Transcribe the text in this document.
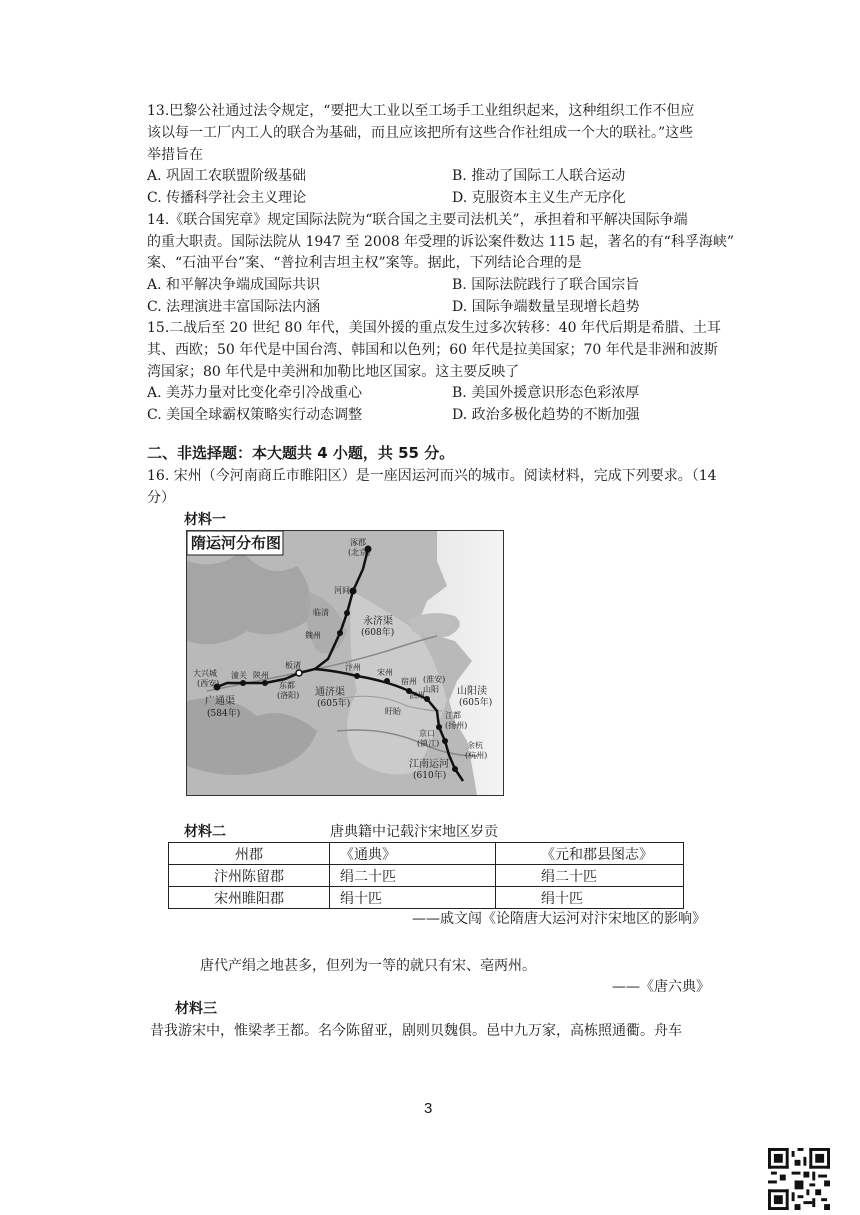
13.巴黎公社通过法令规定，“要把大工业以至工场手工业组织起来，这种组织工作不但应
该以每一工厂内工人的联合为基础，而且应该把所有这些合作社组成一个大的联社。”这些
举措旨在
A. 巩固工农联盟阶级基础	B. 推动了国际工人联合运动
C. 传播科学社会主义理论	D. 克服资本主义生产无序化
14.《联合国宪章》规定国际法院为“联合国之主要司法机关”，承担着和平解决国际争端
的重大职责。国际法院从 1947 至 2008 年受理的诉讼案件数达 115 起，著名的有“科孚海峡”
案、“石油平台”案、“普拉利吉坦主权”案等。据此，下列结论合理的是
A. 和平解决争端成国际共识	B. 国际法院践行了联合国宗旨
C. 法理演进丰富国际法内涵	D. 国际争端数量呈现增长趋势
15.二战后至 20 世纪 80 年代，美国外援的重点发生过多次转移：40 年代后期是希腊、土耳
其、西欧；50 年代是中国台湾、韩国和以色列；60 年代是拉美国家；70 年代是非洲和波斯
湾国家；80 年代是中美洲和加勒比地区国家。这主要反映了
A. 美苏力量对比变化牵引冷战重心	B. 美国外援意识形态色彩浓厚
C. 美国全球霸权策略实行动态调整	D. 政治多极化趋势的不断加强
二、非选择题：本大题共 4 小题，共 55 分。
16. 宋州（今河南商丘市睢阳区）是一座因运河而兴的城市。阅读材料，完成下列要求。（14
分）
材料一
隋运河分布图	涿郡
(北京)
河间
临清
魏州
永济渠
(608年)
大兴城
(西安)
潼关 陕州
板渚
东都
(洛阳)
汴州
宋州
宿州
广通渠
(584年)
通济渠
(605年)
泗州
盱眙
(淮安)
山阳 山阳渎
(605年)
江都
(扬州)
京口
(镇江)
江南运河
(610年)
余杭
(杭州)
材料二	唐典籍中记载汴宋地区岁贡
州郡	《通典》	《元和郡县图志》
汴州陈留郡	绢二十匹	绢二十匹
宋州睢阳郡	绢十匹	绢十匹
——戚文闯《论隋唐大运河对汴宋地区的影响》
唐代产绢之地甚多，但列为一等的就只有宋、亳两州。
——《唐六典》
材料三
昔我游宋中，惟梁孝王都。名今陈留亚，剧则贝魏俱。邑中九万家，高栋照通衢。舟车
3
